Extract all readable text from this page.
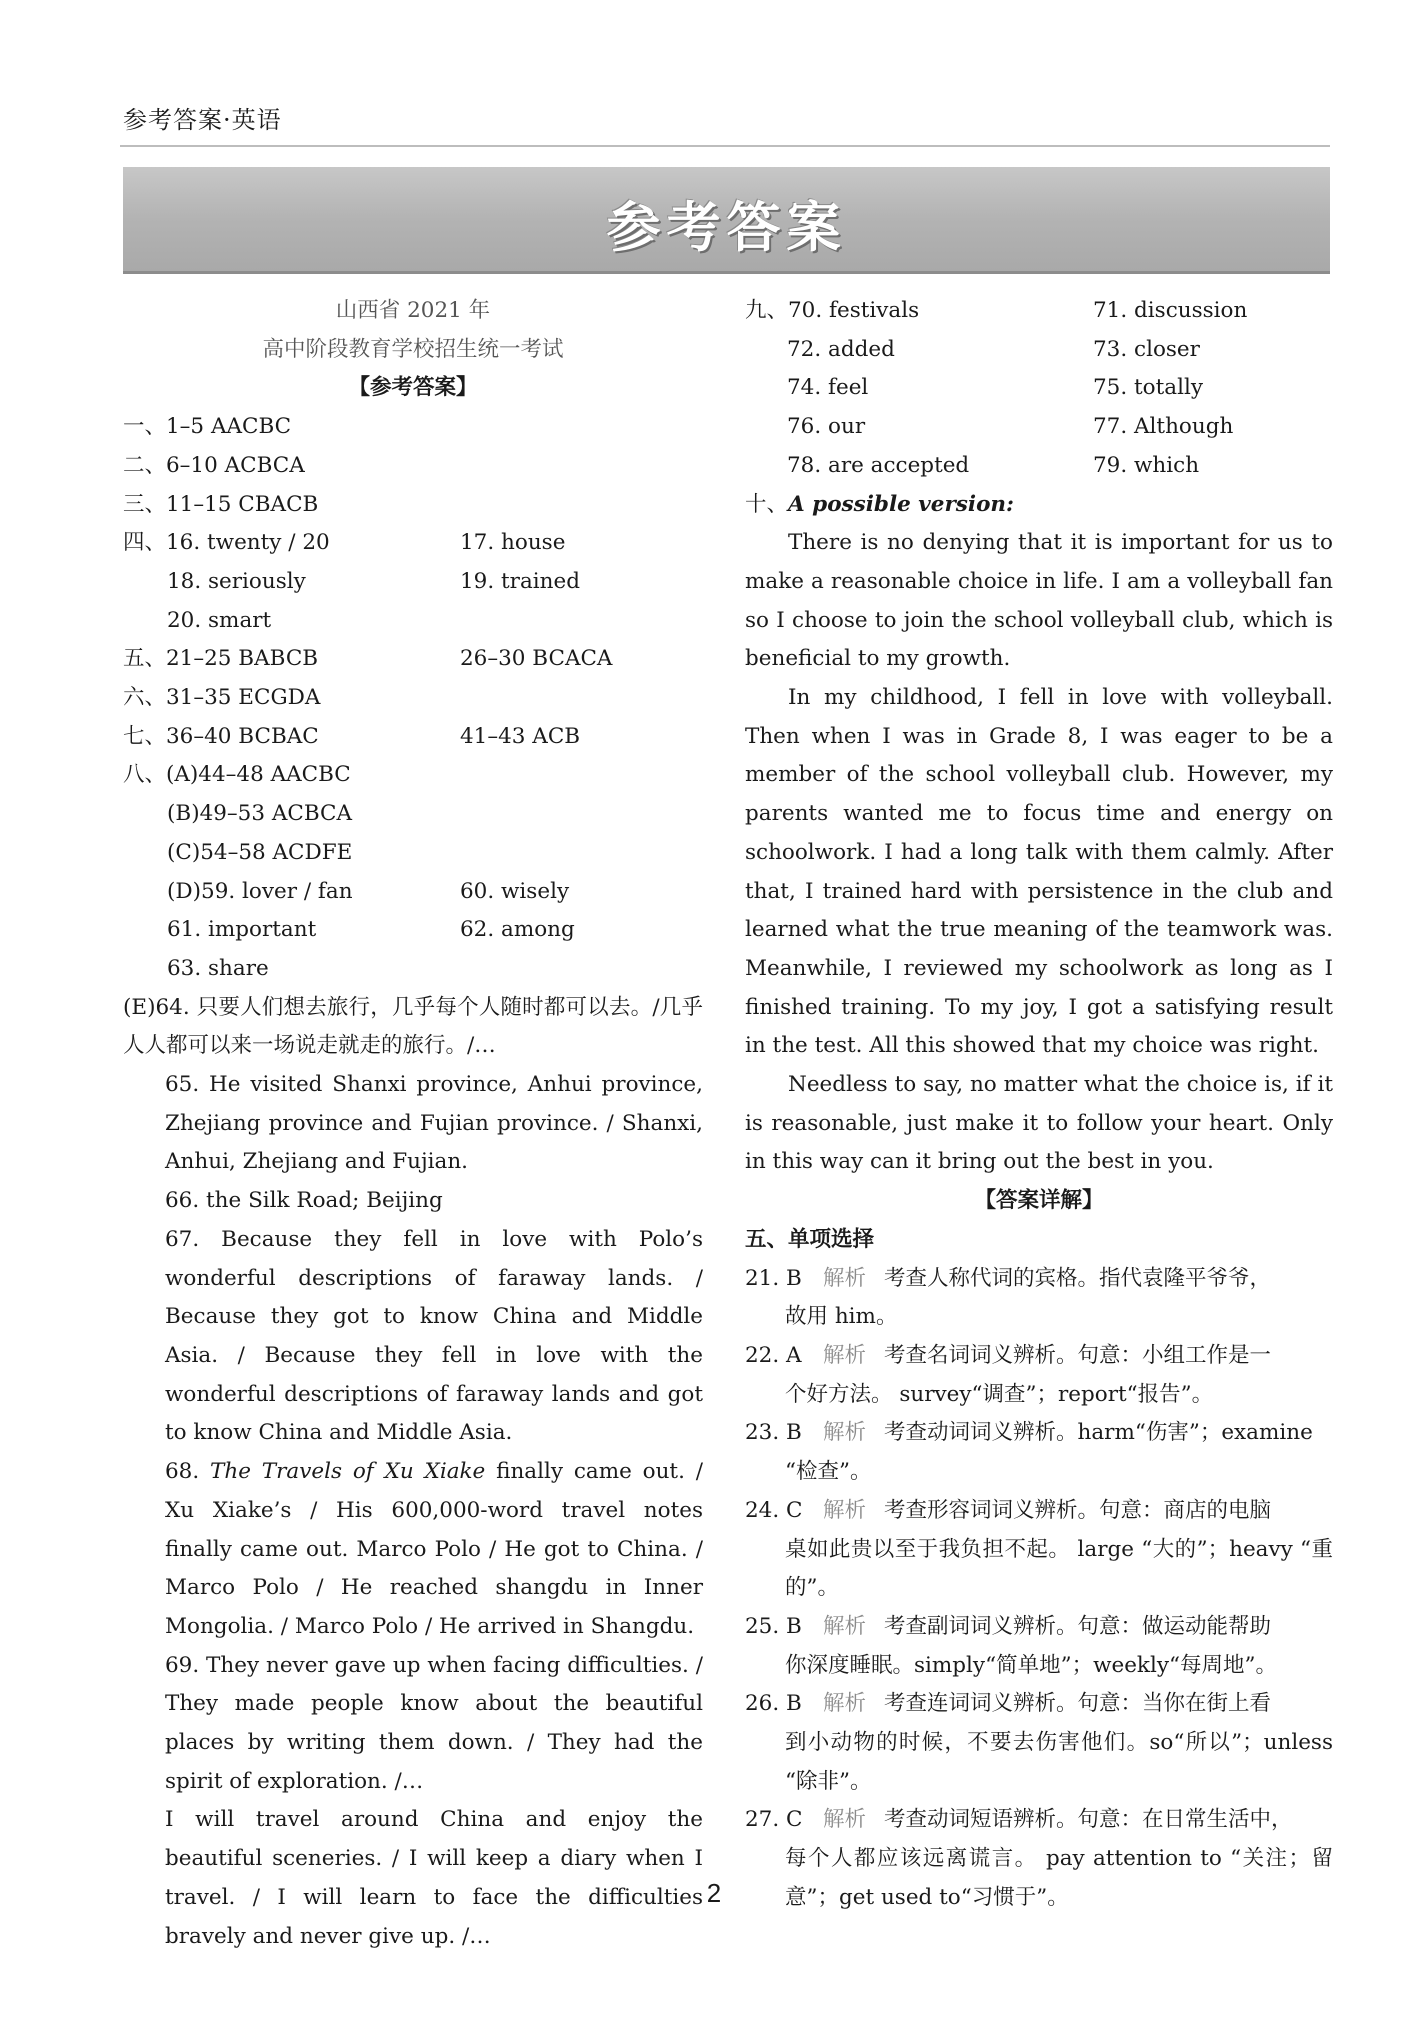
参考答案·英语
参考答案
山西省 2021 年
高中阶段教育学校招生统一考试
【参考答案】
一、1–5 AACBC
二、6–10 ACBCA
三、11–15 CBACB
四、16. twenty / 20	17. house
18. seriously	19. trained
20. smart
五、21–25 BABCB	26–30 BCACA
六、31–35 ECGDA
七、36–40 BCBAC	41–43 ACB
八、(A)44–48 AACBC
(B)49–53 ACBCA
(C)54–58 ACDFE
(D)59. lover / fan	60. wisely
61. important	62. among
63. share
(E)64. 只要人们想去旅行，几乎每个人随时都可以去。/几乎人人都可以来一场说走就走的旅行。/…
65. He visited Shanxi province, Anhui province, Zhejiang province and Fujian province. / Shanxi, Anhui, Zhejiang and Fujian.
66. the Silk Road; Beijing
67. Because they fell in love with Polo’s wonderful descriptions of faraway lands. / Because they got to know China and Middle Asia. / Because they fell in love with the wonderful descriptions of faraway lands and got to know China and Middle Asia.
68. The Travels of Xu Xiake finally came out. / Xu Xiake’s / His 600,000-word travel notes finally came out. Marco Polo / He got to China. / Marco Polo / He reached shangdu in Inner Mongolia. / Marco Polo / He arrived in Shangdu.
69. They never gave up when facing difficulties. / They made people know about the beautiful places by writing them down. / They had the spirit of exploration. /…
I will travel around China and enjoy the beautiful sceneries. / I will keep a diary when I travel. / I will learn to face the difficulties bravely and never give up. /…
九、70. festivals	71. discussion
72. added	73. closer
74. feel	75. totally
76. our	77. Although
78. are accepted	79. which
十、A possible version:
There is no denying that it is important for us to make a reasonable choice in life. I am a volleyball fan so I choose to join the school volleyball club, which is beneficial to my growth.
In my childhood, I fell in love with volleyball. Then when I was in Grade 8, I was eager to be a member of the school volleyball club. However, my parents wanted me to focus time and energy on schoolwork. I had a long talk with them calmly. After that, I trained hard with persistence in the club and learned what the true meaning of the teamwork was. Meanwhile, I reviewed my schoolwork as long as I finished training. To my joy, I got a satisfying result in the test. All this showed that my choice was right.
Needless to say, no matter what the choice is, if it is reasonable, just make it to follow your heart. Only in this way can it bring out the best in you.
【答案详解】
五、单项选择
21. B 解析 考查人称代词的宾格。指代袁隆平爷爷，
故用 him。
22. A 解析 考查名词词义辨析。句意：小组工作是一
个好方法。 survey“调查”；report“报告”。
23. B 解析 考查动词词义辨析。harm“伤害”；examine
“检查”。
24. C 解析 考查形容词词义辨析。句意：商店的电脑
桌如此贵以至于我负担不起。 large “大的”；heavy “重的”。
25. B 解析 考查副词词义辨析。句意：做运动能帮助
你深度睡眠。simply“简单地”；weekly“每周地”。
26. B 解析 考查连词词义辨析。句意：当你在街上看
到小动物的时候，不要去伤害他们。so“所以”；unless “除非”。
27. C 解析 考查动词短语辨析。句意：在日常生活中，
每个人都应该远离谎言。 pay attention to “关注；留意”；get used to“习惯于”。
2
